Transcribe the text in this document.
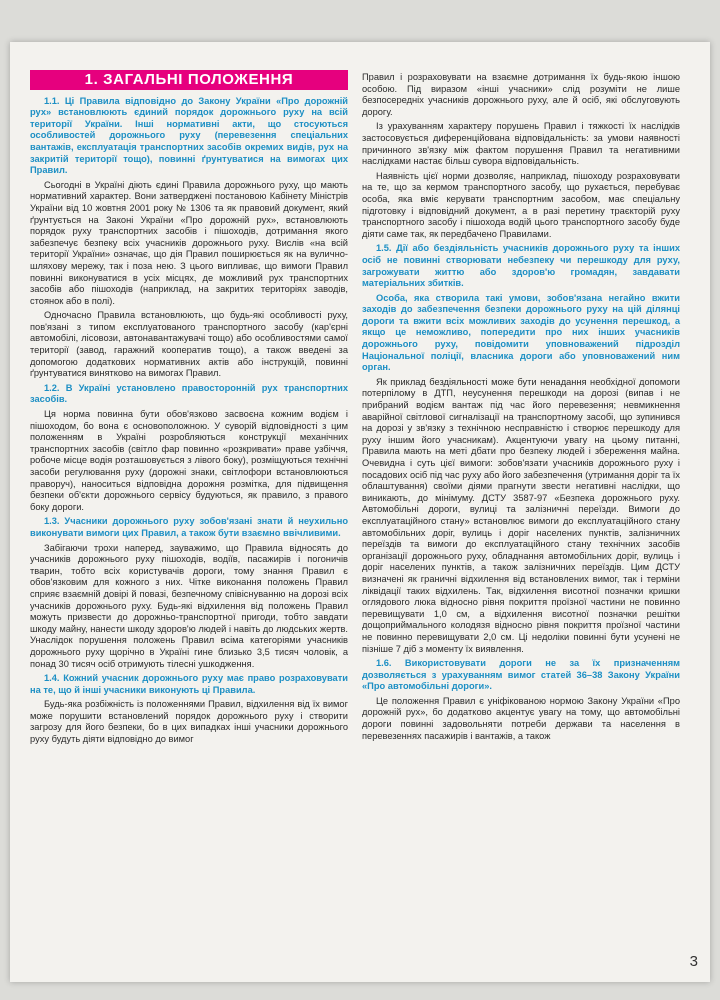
1. ЗАГАЛЬНІ ПОЛОЖЕННЯ

1.1. Ці Правила відповідно до Закону України «Про дорожній рух» встановлюють єдиний порядок дорожнього руху на всій території України. Інші нормативні акти, що стосуються особливостей дорожнього руху (перевезення спеціальних вантажів, експлуатація транспортних засобів окремих видів, рух на закритій території тощо), повинні ґрунтуватися на вимогах цих Правил.

Сьогодні в Україні діють єдині Правила дорожнього руху, що мають нормативний характер. Вони затверджені постановою Кабінету Міністрів України від 10 жовтня 2001 року № 1306 та як правовий документ, який ґрунтується на Законі України «Про дорожній рух», встановлюють порядок руху транспортних засобів і пішоходів, дотримання якого забезпечує безпеку всіх учасників дорожнього руху. Вислів «на всій території України» означає, що дія Правил поширюється як на вулично-шляхову мережу, так і поза нею. З цього випливає, що вимоги Правил повинні виконуватися в усіх місцях, де можливий рух транспортних засобів або пішоходів (наприклад, на закритих територіях заводів, стоянок або в полі).

Одночасно Правила встановлюють, що будь-які особливості руху, пов'язані з типом експлуатованого транспортного засобу (кар'єрні автомобілі, лісовози, автонавантажувачі тощо) або особливостями самої території (завод, гаражний кооператив тощо), а також введені за допомогою додаткових нормативних актів або інструкцій, повинні ґрунтуватися винятково на вимогах Правил.

1.2. В Україні установлено правосторонній рух транспортних засобів.

Ця норма повинна бути обов'язково засвоєна кожним водієм і пішоходом, бо вона є основоположною. У суворій відповідності з цим положенням в Україні розробляються конструкції механічних транспортних засобів (світло фар повинно «розкривати» праве узбіччя, робоче місце водія розташовується з лівого боку), розміщуються технічні засоби регулювання руху (дорожні знаки, світлофори встановлюються праворуч), наноситься відповідна дорожня розмітка, для підвищення безпеки об'єкти дорожнього сервісу будуються, як правило, з правого боку дороги.

1.3. Учасники дорожнього руху зобов'язані знати й неухильно виконувати вимоги цих Правил, а також бути взаємно ввічливими.

Забігаючи трохи наперед, зауважимо, що Правила відносять до учасників дорожнього руху пішоходів, водіїв, пасажирів і погоничів тварин, тобто всіх користувачів дороги, тому знання Правил є обов'язковим для кожного з них. Чітке виконання положень Правил сприяє взаємній довірі й повазі, безпечному співіснуванню на дорозі всіх учасників дорожнього руху. Будь-які відхилення від положень Правил можуть призвести до дорожньо-транспортної пригоди, тобто завдати шкоду майну, нанести шкоду здоров'ю людей і навіть до людських жертв. Унаслідок порушення положень Правил всіма категоріями учасників дорожнього руху щорічно в Україні гине близько 3,5 тисяч чоловік, а понад 30 тисяч осіб отримують тілесні ушкодження.

1.4. Кожний учасник дорожнього руху має право розраховувати на те, що й інші учасники виконують ці Правила.

Будь-яка розбіжність із положеннями Правил, відхилення від їх вимог може порушити встановлений порядок дорожнього руху і створити загрозу для його безпеки, бо в цих випадках інші учасники дорожнього руху будуть діяти відповідно до вимог

Правил і розраховувати на взаємне дотримання їх будь-якою іншою особою. Під виразом «інші учасники» слід розуміти не лише безпосередніх учасників дорожнього руху, але й осіб, які обслуговують дорогу.

Із урахуванням характеру порушень Правил і тяжкості їх наслідків застосовується диференційована відповідальність: за умови наявності причинного зв'язку між фактом порушення Правил та негативними наслідками настає більш сувора відповідальність.

Наявність цієї норми дозволяє, наприклад, пішоходу розраховувати на те, що за кермом транспортного засобу, що рухається, перебуває особа, яка вміє керувати транспортним засобом, має спеціальну підготовку і відповідний документ, а в разі перетину траєкторій руху транспортного засобу і пішохода водій цього транспортного засобу буде діяти саме так, як передбачено Правилами.

1.5. Дії або бездіяльність учасників дорожнього руху та інших осіб не повинні створювати небезпеку чи перешкоду для руху, загрожувати життю або здоров'ю громадян, завдавати матеріальних збитків.

Особа, яка створила такі умови, зобов'язана негайно вжити заходів до забезпечення безпеки дорожнього руху на цій ділянці дороги та вжити всіх можливих заходів до усунення перешкод, а якщо це неможливо, попередити про них інших учасників дорожнього руху, повідомити уповноважений підрозділ Національної поліції, власника дороги або уповноважений ним орган.

Як приклад бездіяльності може бути ненадання необхідної допомоги потерпілому в ДТП, неусунення перешкоди на дорозі (випав і не прибраний водієм вантаж під час його перевезення; невмикнення аварійної світлової сигналізації на транспортному засобі, що зупинився на дорозі у зв'язку з технічною несправністю і створює перешкоду для руху іншим його учасникам). Акцентуючи увагу на цьому питанні, Правила мають на меті дбати про безпеку людей і збереження майна. Очевидна і суть цієї вимоги: зобов'язати учасників дорожнього руху і посадових осіб під час руху або його забезпечення (утримання доріг та їх облаштування) своїми діями прагнути звести негативні наслідки, що виникають, до мінімуму. ДСТУ 3587-97 «Безпека дорожнього руху. Автомобільні дороги, вулиці та залізничні переїзди. Вимоги до експлуатаційного стану» встановлює вимоги до експлуатаційного стану автомобільних доріг, вулиць і доріг населених пунктів, залізничних переїздів та вимоги до експлуатаційного стану технічних засобів організації дорожнього руху, обладнання автомобільних доріг, вулиць і доріг населених пунктів, а також залізничних переїздів. Цим ДСТУ визначені як граничні відхилення від встановлених вимог, так і терміни ліквідації таких відхилень. Так, відхилення висотної позначки кришки оглядового люка відносно рівня покриття проїзної частини не повинно перевищувати 1,0 см, а відхилення висотної позначки решітки дощоприймального колодязя відносно рівня покриття проїзної частини не повинно перевищувати 2,0 см. Ці недоліки повинні бути усунені не пізніше 7 діб з моменту їх виявлення.

1.6. Використовувати дороги не за їх призначенням дозволяється з урахуванням вимог статей 36–38 Закону України «Про автомобільні дороги».

Це положення Правил є уніфікованою нормою Закону України «Про дорожній рух», бо додатково акцентує увагу на тому, що автомобільні дороги повинні задовольняти потреби держави та населення в перевезеннях пасажирів і вантажів, а також

3
